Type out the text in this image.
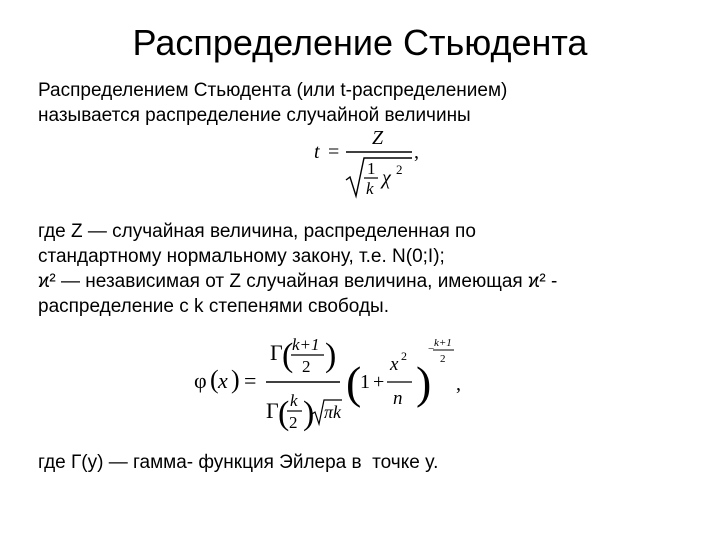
Распределение Стьюдента
Распределением Стьюдента (или t-распределением)
называется распределение случайной величины
t =
Z
1
k χ 2
,
где Z — случайная величина, распределенная по
стандартному нормальному закону, т.е. N(0;I);
ϰ² — независимая от Z случайная величина, имеющая ϰ² -
распределение с k степенями свободы.
φ ( x ) =
Γ (
k+1
2 )
Γ ( k
2 ) πk
(
1 +
x 2
n )
− k+1
2
,
где Г(y) — гамма- функция Эйлера в  точке y.
